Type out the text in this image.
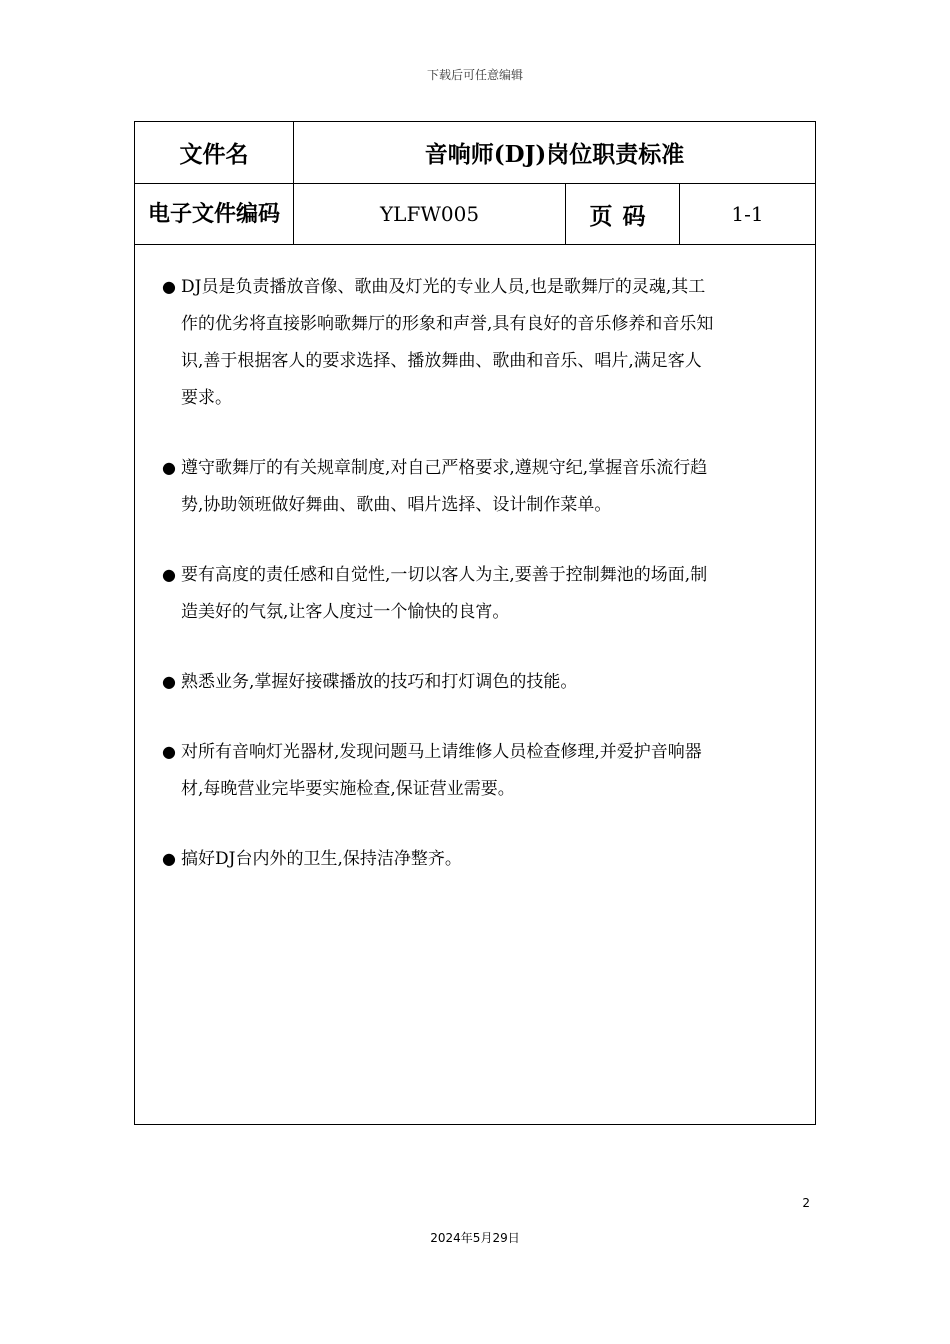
下载后可任意编辑
文件名	音响师(DJ)岗位职责标准
电子文件编码	YLFW005	页码	1-1
● DJ员是负责播放音像、歌曲及灯光的专业人员,也是歌舞厅的灵魂,其工
作的优劣将直接影响歌舞厅的形象和声誉,具有良好的音乐修养和音乐知
识,善于根据客人的要求选择、播放舞曲、歌曲和音乐、唱片,满足客人
要求。
● 遵守歌舞厅的有关规章制度,对自己严格要求,遵规守纪,掌握音乐流行趋
势,协助领班做好舞曲、歌曲、唱片选择、设计制作菜单。
● 要有高度的责任感和自觉性,一切以客人为主,要善于控制舞池的场面,制
造美好的气氛,让客人度过一个愉快的良宵。
● 熟悉业务,掌握好接碟播放的技巧和打灯调色的技能。
● 对所有音响灯光器材,发现问题马上请维修人员检查修理,并爱护音响器
材,每晚营业完毕要实施检查,保证营业需要。
● 搞好DJ台内外的卫生,保持洁净整齐。
2
2024年5月29日
